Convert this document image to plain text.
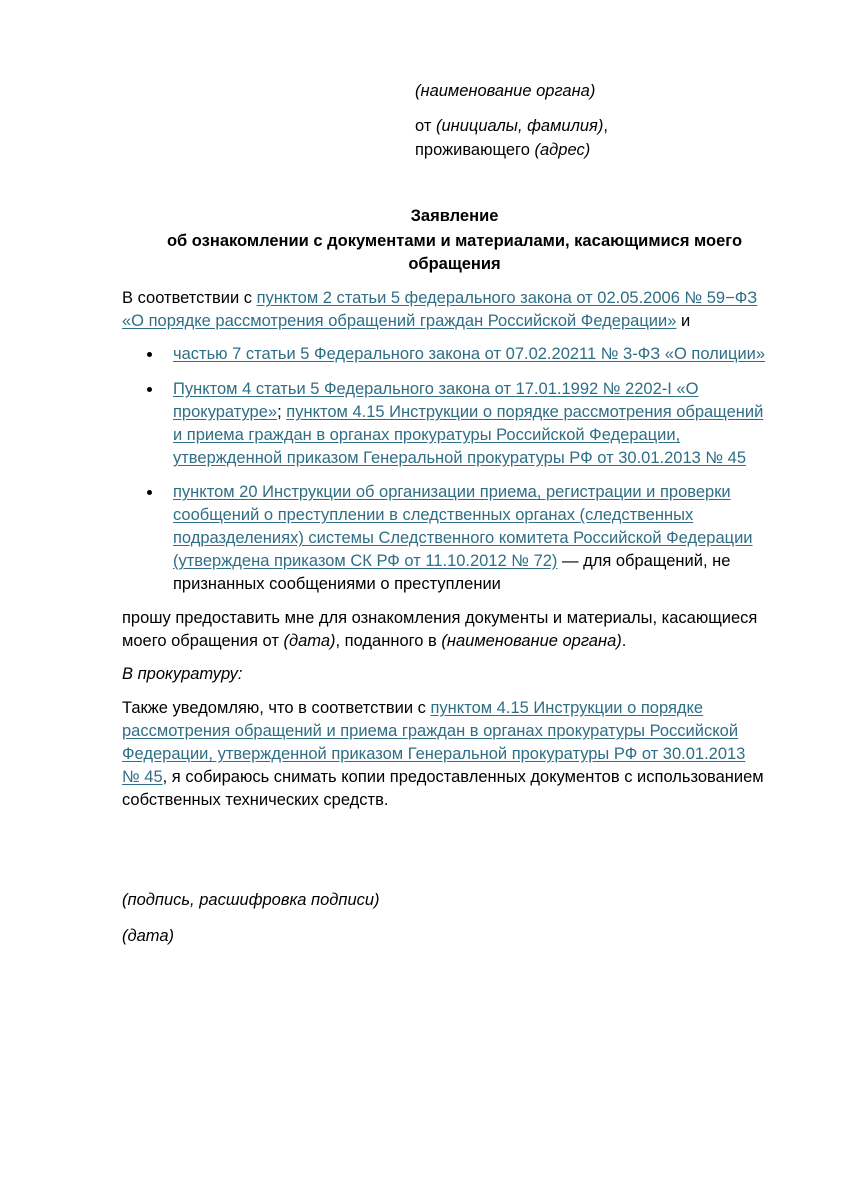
(наименование органа)
от (инициалы, фамилия),
проживающего (адрес)
Заявление
об ознакомлении с документами и материалами, касающимися моего
обращения
В соответствии с пунктом 2 статьи 5 федерального закона от 02.05.2006 № 59−ФЗ
«О порядке рассмотрения обращений граждан Российской Федерации» и
частью 7 статьи 5 Федерального закона от 07.02.20211 № 3-ФЗ «О полиции»
Пунктом 4 статьи 5 Федерального закона от 17.01.1992 № 2202-I «О
прокуратуре»; пунктом 4.15 Инструкции о порядке рассмотрения обращений
и приема граждан в органах прокуратуры Российской Федерации,
утвержденной приказом Генеральной прокуратуры РФ от 30.01.2013 № 45
пунктом 20 Инструкции об организации приема, регистрации и проверки
сообщений о преступлении в следственных органах (следственных
подразделениях) системы Следственного комитета Российской Федерации
(утверждена приказом СК РФ от 11.10.2012 № 72) — для обращений, не
признанных сообщениями о преступлении
прошу предоставить мне для ознакомления документы и материалы, касающиеся
моего обращения от (дата), поданного в (наименование органа).
В прокуратуру:
Также уведомляю, что в соответствии с пунктом 4.15 Инструкции о порядке
рассмотрения обращений и приема граждан в органах прокуратуры Российской
Федерации, утвержденной приказом Генеральной прокуратуры РФ от 30.01.2013
№ 45, я собираюсь снимать копии предоставленных документов с использованием
собственных технических средств.
(подпись, расшифровка подписи)
(дата)
